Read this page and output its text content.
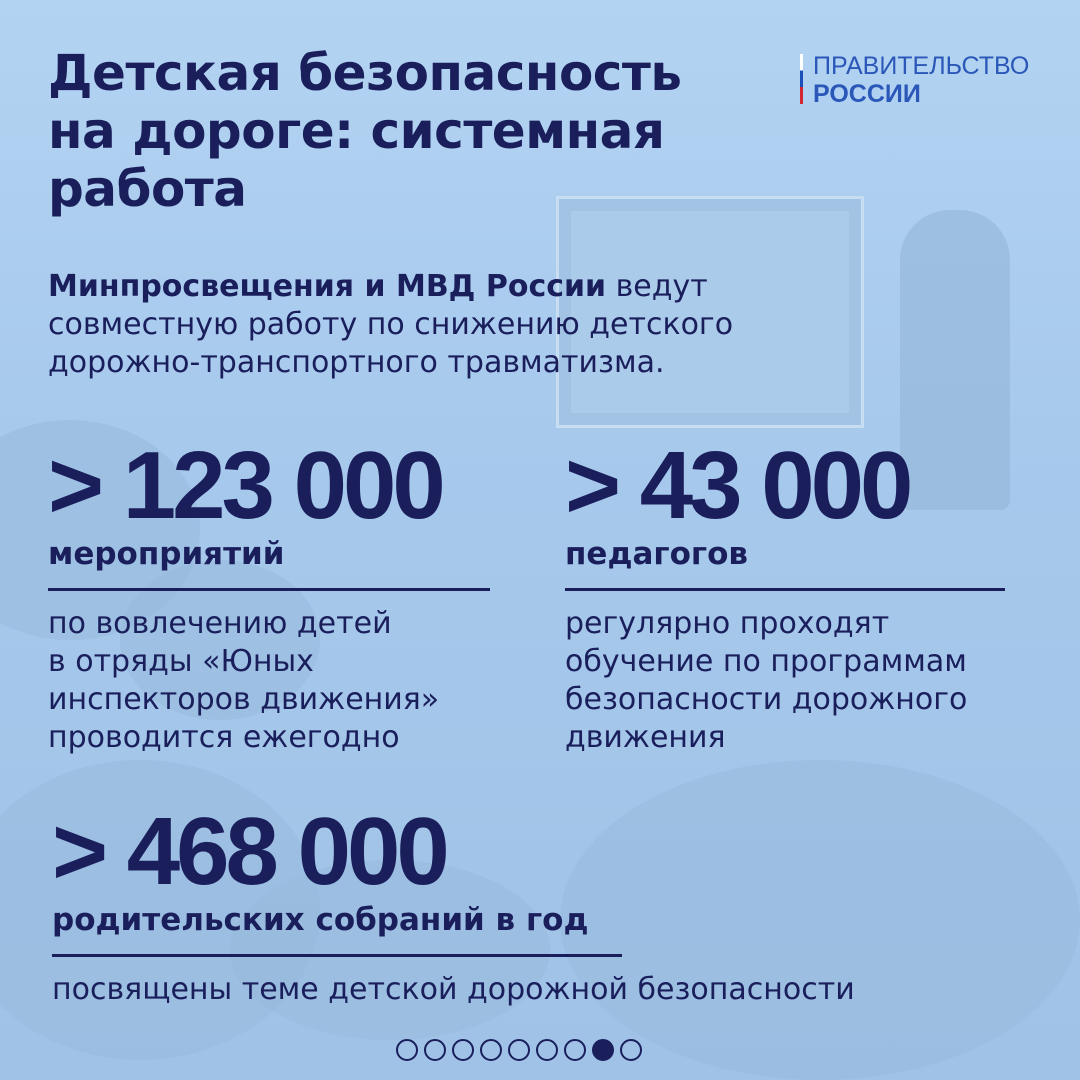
Детская безопасность
на дороге: системная
работа
ПРАВИТЕЛЬСТВО
РОССИИ

Минпросвещения и МВД России ведут
совместную работу по снижению детского
дорожно-транспортного травматизма.

> 123 000
мероприятий
по вовлечению детей
в отряды «Юных
инспекторов движения»
проводится ежегодно
> 43 000
педагогов
регулярно проходят
обучение по программам
безопасности дорожного
движения
> 468 000
родительских собраний в год
посвящены теме детской дорожной безопасности
